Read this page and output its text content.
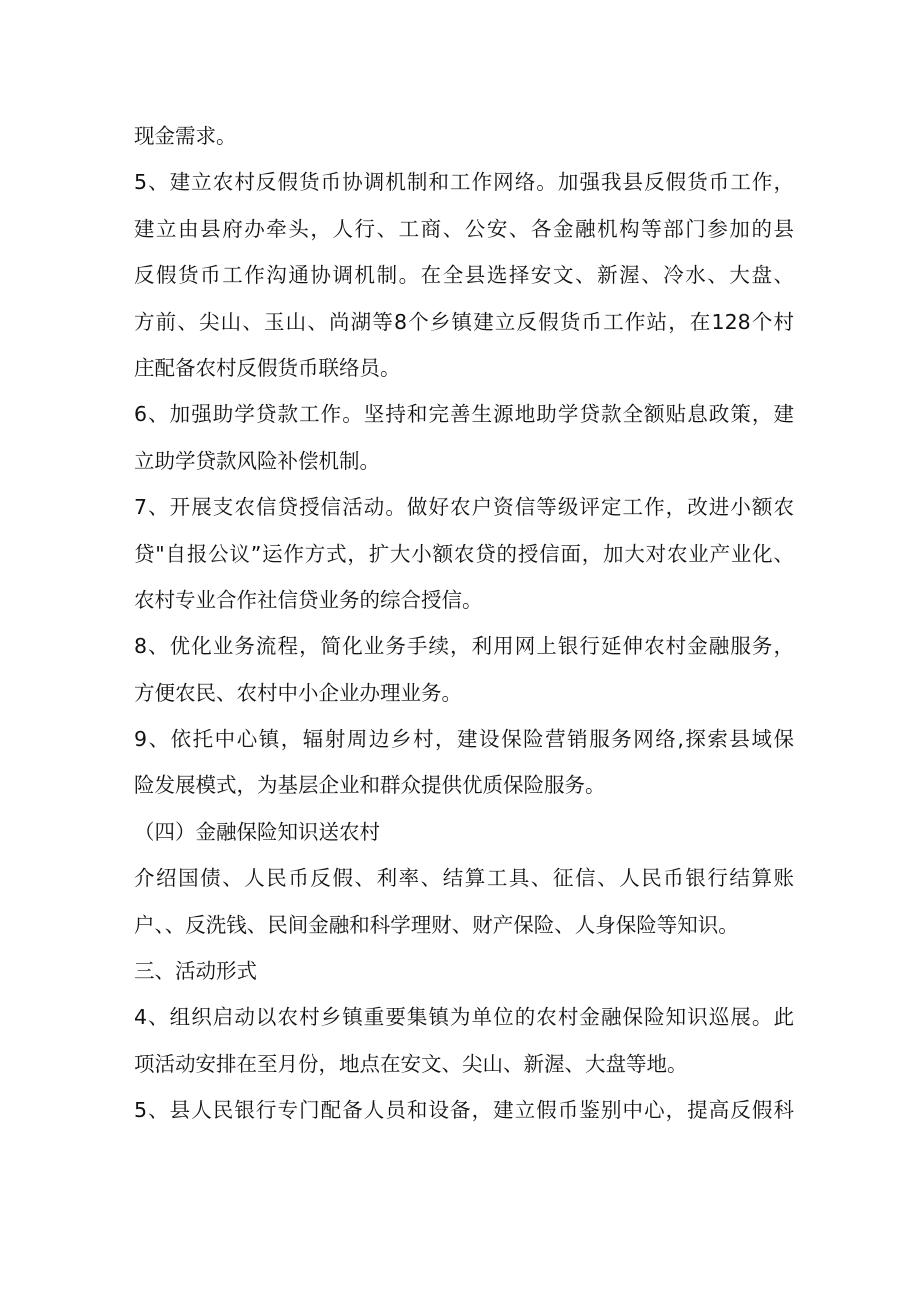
现金需求。
5、建立农村反假货币协调机制和工作网络。加强我县反假货币工作，
建立由县府办牵头，人行、工商、公安、各金融机构等部门参加的县
反假货币工作沟通协调机制。在全县选择安文、新渥、冷水、大盘、
方前、尖山、玉山、尚湖等8个乡镇建立反假货币工作站，在128个村
庄配备农村反假货币联络员。
6、加强助学贷款工作。坚持和完善生源地助学贷款全额贴息政策，建
立助学贷款风险补偿机制。
7、开展支农信贷授信活动。做好农户资信等级评定工作，改进小额农
贷"自报公议”运作方式，扩大小额农贷的授信面，加大对农业产业化、
农村专业合作社信贷业务的综合授信。
8、优化业务流程，简化业务手续，利用网上银行延伸农村金融服务，
方便农民、农村中小企业办理业务。
9、依托中心镇，辐射周边乡村，建设保险营销服务网络,探索县域保
险发展模式，为基层企业和群众提供优质保险服务。
（四）金融保险知识送农村
介绍国债、人民币反假、利率、结算工具、征信、人民币银行结算账
户、、反洗钱、民间金融和科学理财、财产保险、人身保险等知识。
三、活动形式
4、组织启动以农村乡镇重要集镇为单位的农村金融保险知识巡展。此
项活动安排在至月份，地点在安文、尖山、新渥、大盘等地。
5、县人民银行专门配备人员和设备，建立假币鉴别中心，提高反假科
